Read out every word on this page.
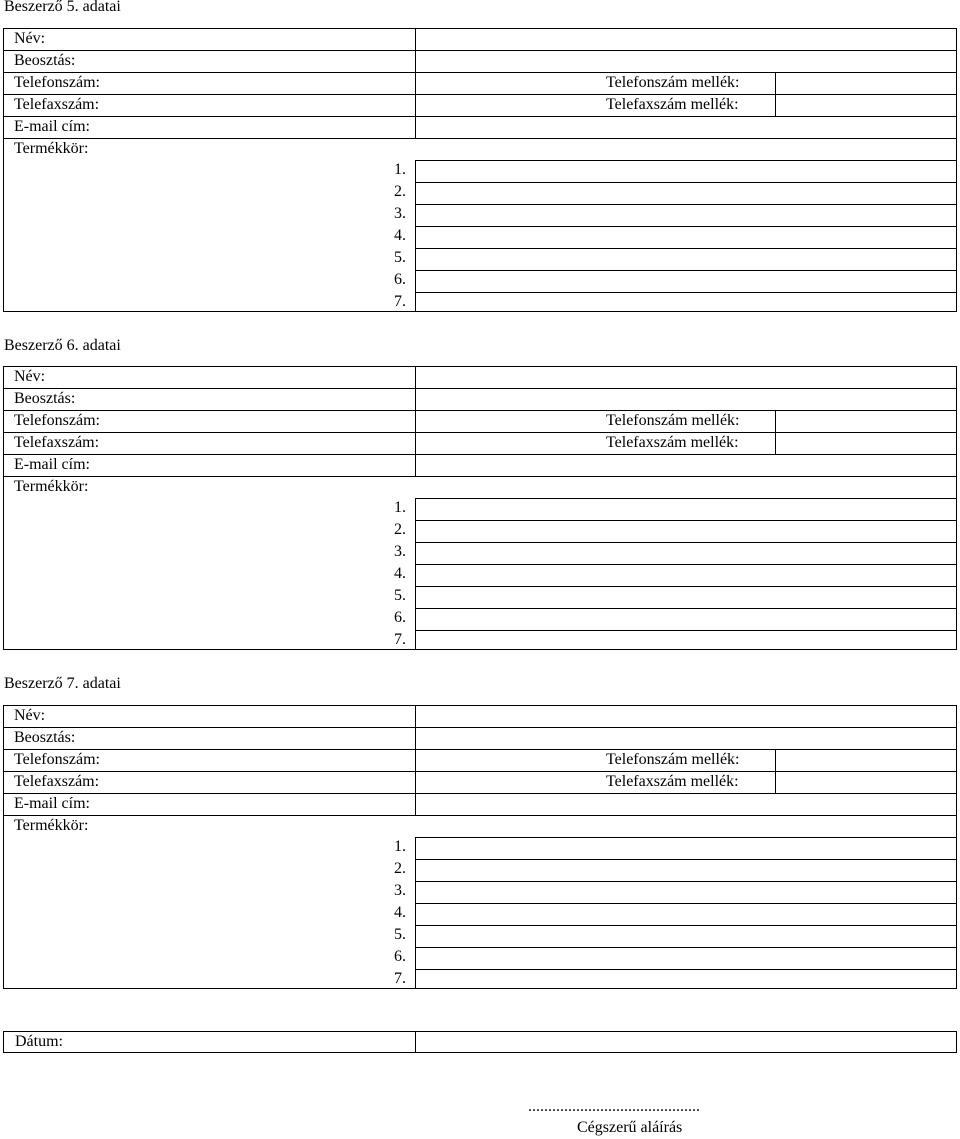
Beszerző 5. adatai
Név:
Beosztás:
Telefonszám:
Telefaxszám:
E-mail cím:
Termékkör:
Telefonszám mellék:
Telefaxszám mellék:
1.
2.
3.
4.
5.
6.
7.
Beszerző 6. adatai
Név:
Beosztás:
Telefonszám:
Telefaxszám:
E-mail cím:
Termékkör:
Telefonszám mellék:
Telefaxszám mellék:
1.
2.
3.
4.
5.
6.
7.
Beszerző 7. adatai
Név:
Beosztás:
Telefonszám:
Telefaxszám:
E-mail cím:
Termékkör:
Telefonszám mellék:
Telefaxszám mellék:
1.
2.
3.
4.
5.
6.
7.
Dátum:
...........................................
Cégszerű aláírás
